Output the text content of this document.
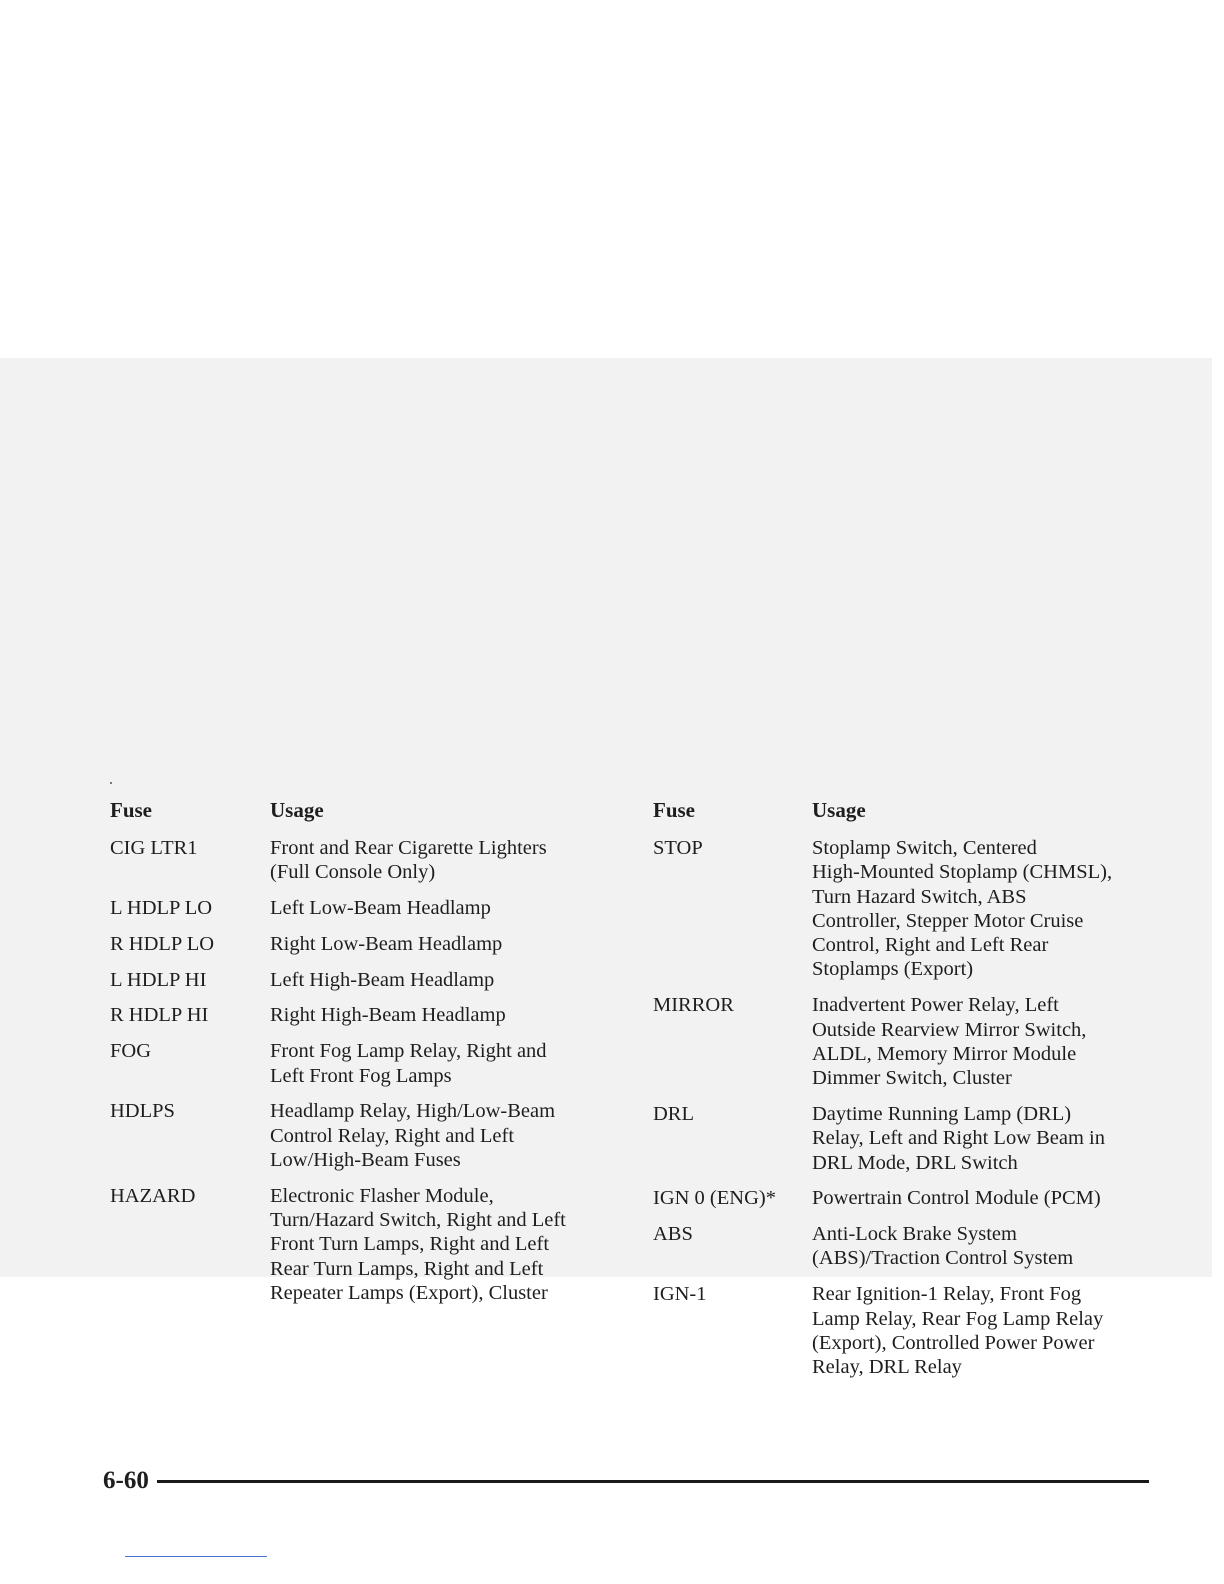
Fuse	Usage
CIG LTR1	Front and Rear Cigarette Lighters
(Full Console Only)
L HDLP LO	Left Low-Beam Headlamp
R HDLP LO	Right Low-Beam Headlamp
L HDLP HI	Left High-Beam Headlamp
R HDLP HI	Right High-Beam Headlamp
FOG	Front Fog Lamp Relay, Right and
Left Front Fog Lamps
HDLPS	Headlamp Relay, High/Low-Beam
Control Relay, Right and Left
Low/High-Beam Fuses
HAZARD	Electronic Flasher Module,
Turn/Hazard Switch, Right and Left
Front Turn Lamps, Right and Left
Rear Turn Lamps, Right and Left
Repeater Lamps (Export), Cluster
Fuse	Usage
STOP	Stoplamp Switch, Centered
High-Mounted Stoplamp (CHMSL),
Turn Hazard Switch, ABS
Controller, Stepper Motor Cruise
Control, Right and Left Rear
Stoplamps (Export)
MIRROR	Inadvertent Power Relay, Left
Outside Rearview Mirror Switch,
ALDL, Memory Mirror Module
Dimmer Switch, Cluster
DRL	Daytime Running Lamp (DRL)
Relay, Left and Right Low Beam in
DRL Mode, DRL Switch
IGN 0 (ENG)*	Powertrain Control Module (PCM)
ABS	Anti-Lock Brake System
(ABS)/Traction Control System
IGN-1	Rear Ignition-1 Relay, Front Fog
Lamp Relay, Rear Fog Lamp Relay
(Export), Controlled Power Power
Relay, DRL Relay
6-60
